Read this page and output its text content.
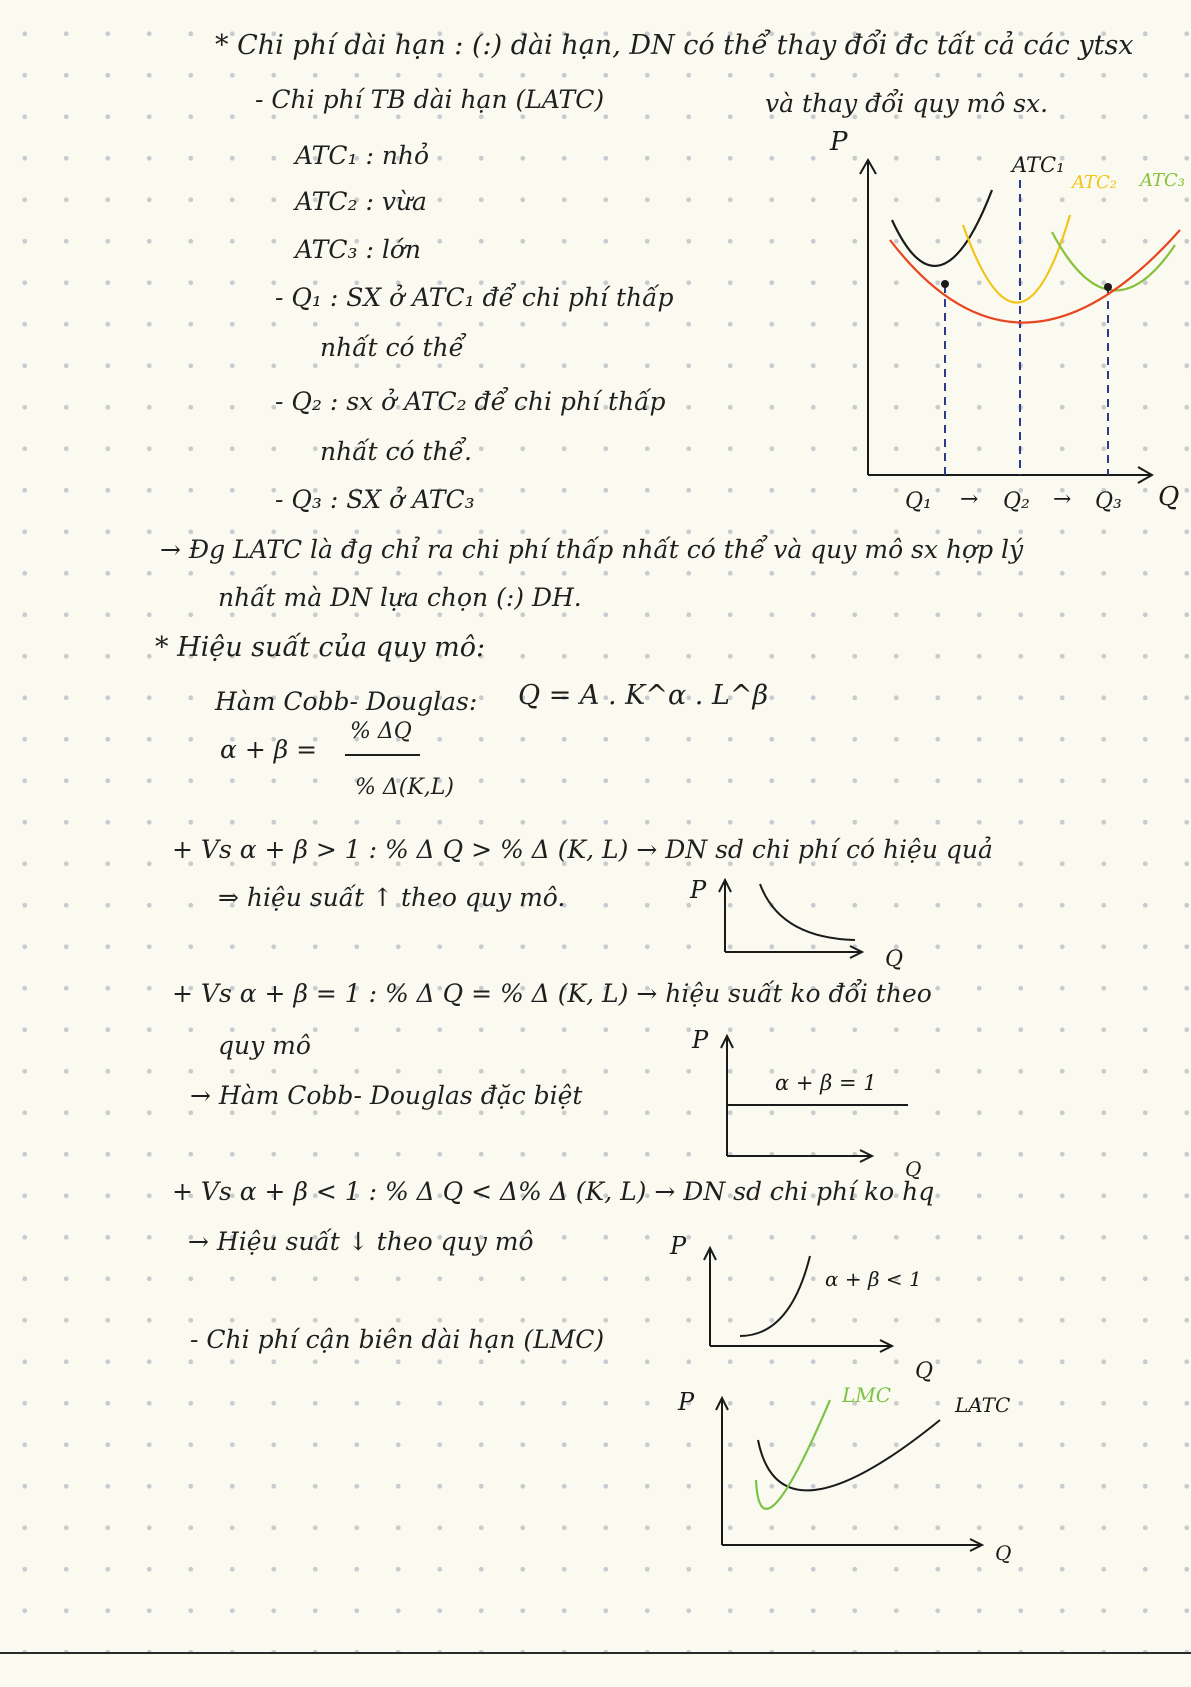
* Chi phí dài hạn : (:) dài hạn, DN có thể thay đổi đc tất cả các ytsx
- Chi phí TB dài hạn (LATC)	và thay đổi quy mô sx.
ATC₁ : nhỏ
ATC₂ : vừa
ATC₃ : lớn
- Q₁ : SX ở ATC₁ để chi phí thấp
nhất có thể
- Q₂ : sx ở ATC₂ để chi phí thấp
nhất có thể.
- Q₃ : SX ở ATC₃
→ Đg LATC là đg chỉ ra chi phí thấp nhất có thể và quy mô sx hợp lý
nhất mà DN lựa chọn (:) DH.
* Hiệu suất của quy mô:
Hàm Cobb- Douglas: Q = A . K^α . L^β
α + β =
% ΔQ
% Δ(K,L)
+ Vs α + β > 1 : % Δ Q > % Δ (K, L) → DN sd chi phí có hiệu quả
⇒ hiệu suất ↑ theo quy mô.
+ Vs α + β = 1 : % Δ Q = % Δ (K, L) → hiệu suất ko đổi theo
quy mô
→ Hàm Cobb- Douglas đặc biệt
+ Vs α + β < 1 : % Δ Q < Δ% Δ (K, L) → DN sd chi phí ko hq
→ Hiệu suất ↓ theo quy mô
- Chi phí cận biên dài hạn (LMC)
P
Q
ATC₁
ATC₂ ATC₃
Q₁ → Q₂ → Q₃
P
Q
α + β = 1
P
Q
α + β < 1
P
Q
LMC	LATC
P
Q
